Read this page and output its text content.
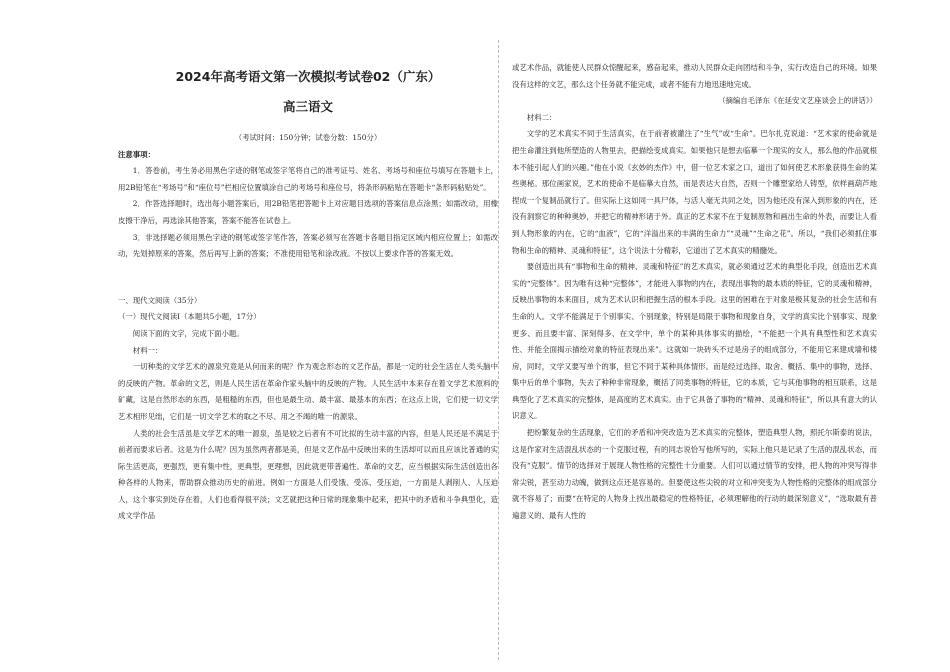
2024年高考语文第一次模拟考试卷02（广东）
高三语文
（考试时间：150分钟；试卷分数：150分）
注意事项：

1．答卷前，考生务必用黑色字迹的钢笔或签字笔将自己的准考证号、姓名、考场号和座位号填写在答题卡上，用2B铅笔在“考场号”和“座位号”栏相应位置填涂自己的考场号和座位号，将条形码粘贴在答题卡“条形码粘贴处”。

2．作答选择题时，选出每小题答案后，用2B铅笔把答题卡上对应题目选项的答案信息点涂黑；如需改动，用橡皮擦干净后，再选涂其他答案，答案不能答在试卷上。

3．非选择题必须用黑色字迹的钢笔或签字笔作答，答案必须写在答题卡各题目指定区域内相应位置上；如需改动，先划掉原来的答案，然后再写上新的答案；不准使用铅笔和涂改液。不按以上要求作答的答案无效。

一、现代文阅读（35分）
（一）现代文阅读Ⅰ（本题共5小题，17分）

阅读下面的文字，完成下面小题。

材料一：

一切种类的文学艺术的源泉究竟是从何而来的呢？作为观念形态的文艺作品，都是一定的社会生活在人类头脑中的反映的产物。革命的文艺，则是人民生活在革命作家头脑中的反映的产物。人民生活中本来存在着文学艺术原料的矿藏，这是自然形态的东西，是粗糙的东西，但也是最生动、最丰富、最基本的东西；在这点上说，它们使一切文学艺术相形见绌，它们是一切文学艺术的取之不尽、用之不竭的唯一的源泉。

人类的社会生活虽是文学艺术的唯一源泉，虽是较之后者有不可比拟的生动丰富的内容，但是人民还是不满足于前者而要求后者。这是为什么呢？因为虽然两者都是美，但是文艺作品中反映出来的生活却可以而且应该比普通的实际生活更高，更强烈，更有集中性，更典型，更理想，因此就更带普遍性。革命的文艺，应当根据实际生活创造出各种各样的人物来，帮助群众推动历史的前进。例如一方面是人们受饿、受冻、受压迫，一方面是人剥削人、人压迫人，这个事实到处存在着，人们也看得很平淡；文艺就把这种日常的现象集中起来，把其中的矛盾和斗争典型化，造成文学作品

或艺术作品，就能使人民群众惊醒起来，感奋起来，推动人民群众走向团结和斗争，实行改造自己的环境。如果没有这样的文艺，那么这个任务就不能完成，或者不能有力地迅速地完成。

（摘编自毛泽东《在延安文艺座谈会上的讲话》）

材料二：

文学的艺术真实不同于生活真实，在于前者被灌注了“生气”或“生命”。巴尔扎克说道：“艺术家的使命就是把生命灌注到他所塑造的人物里去，把描绘变成真实。如果他只是想去临摹一个现实的女人，那么他的作品就根本不能引起人们的兴趣。”他在小说《玄妙的杰作》中，借一位艺术家之口，道出了如何使艺术形象获得生命的某些奥秘。那位画家说，艺术的使命不是临摹大自然，而是表达大自然，否则一个雕塑家给人铸型，依样画葫芦地捏成一个复制品就行了。但实际上这如同一具尸体，与活人毫无共同之处，因为他还没有深入到形象的内在，还没有洞察它的种种奥妙，并把它的精神形诸于外。真正的艺术家不在于复制原物和画出生命的外表，而要让人看到人物形象的内在，它的“血液”，它的“洋溢出来的丰满的生命力”“灵魂”“生命之花”。所以，“我们必须抓住事物和生命的精神、灵魂和特征”，这个说法十分精彩，它道出了艺术真实的精髓处。

要创造出具有“事物和生命的精神、灵魂和特征”的艺术真实，就必须通过艺术的典型化手段，创造出艺术真实的“完整体”。因为唯有这种“完整体”，才能进入事物的内在，表现出事物的最本质的特征，它的灵魂和精神，反映出事物的本来面目，成为艺术认识和把握生活的根本手段。这里的困难在于对象是极其复杂的社会生活和有生命的人。文学不能满足于个别事实、个别现象，特别是局限于事物和现象自身，文学的真实比个别事实、现象更多、而且要丰富、深刻得多、在文学中，单个的某种具体事实的描绘，“不能把一个具有典型性和艺术真实性、并能全面揭示描绘对象的特征表现出来”。这就如一块砖头不过是房子的组成部分，不能用它来建成墙和楼房，同时，文学又要写单个的事，但它不同于某种具体情形。而是经过选择、取舍、概括、集中的事物，选择、集中后的单个事物，失去了种种非常现象，概括了同类事物的特征，它的本质，它与其他事物的相互联系，这是典型化了艺术真实的完整体，是高度的艺术真实。由于它具备了事物的“精神、灵魂和特征”，所以具有意大的认识意义。

把纷繁复杂的生活现象，它们的矛盾和冲突改造为艺术真实的完整体，塑造典型人物，照托尔斯泰的说法，这是作家对生活混乱状态的一个克服过程，有的同志说恰写他所写的，实际上他只是记录了生活的混乱状态，而没有“克服”。情节的选择对于展现人物性格的完整性十分重要。人们可以通过情节的安排，把人物的冲突写得非常尖锐，甚至动力动魄，做到这点还是容易的。但要使这些尖锐的对立和冲突变为人物性格的完整体的组成部分就不容易了；而要“在特定的人物身上找出最稳定的性格特征，必须理解他的行动的最深刻意义”，“选取最有普遍意义的、最有人性的
